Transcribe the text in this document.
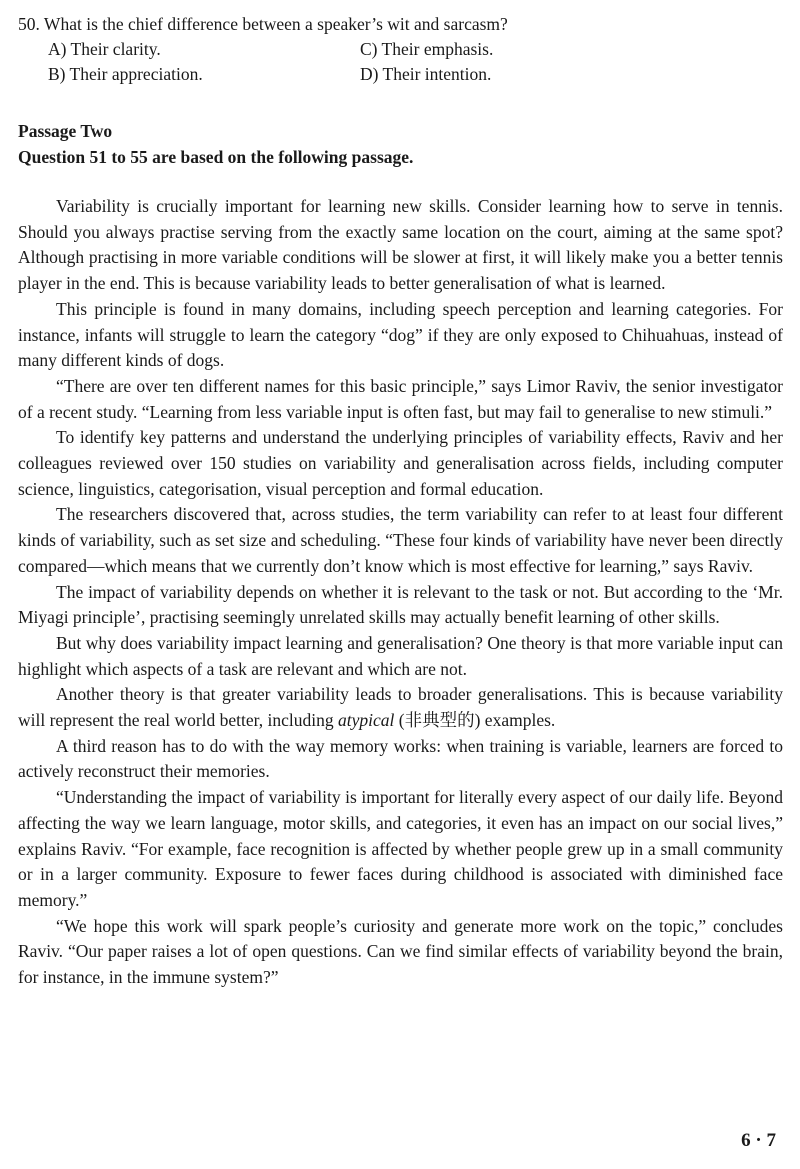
50. What is the chief difference between a speaker’s wit and sarcasm?
A) Their clarity.	C) Their emphasis.
B) Their appreciation.	D) Their intention.
Passage Two
Question 51 to 55 are based on the following passage.

Variability is crucially important for learning new skills. Consider learning how to serve in tennis. Should you always practise serving from the exactly same location on the court, aiming at the same spot? Although practising in more variable conditions will be slower at first, it will likely make you a better tennis player in the end. This is because variability leads to better generalisation of what is learned.

This principle is found in many domains, including speech perception and learning categories. For instance, infants will struggle to learn the category “dog” if they are only exposed to Chihuahuas, instead of many different kinds of dogs.

“There are over ten different names for this basic principle,” says Limor Raviv, the senior investigator of a recent study. “Learning from less variable input is often fast, but may fail to generalise to new stimuli.”

To identify key patterns and understand the underlying principles of variability effects, Raviv and her colleagues reviewed over 150 studies on variability and generalisation across fields, including computer science, linguistics, categorisation, visual perception and formal education.

The researchers discovered that, across studies, the term variability can refer to at least four different kinds of variability, such as set size and scheduling. “These four kinds of variability have never been directly compared—which means that we currently don’t know which is most effective for learning,” says Raviv.

The impact of variability depends on whether it is relevant to the task or not. But according to the ‘Mr. Miyagi principle’, practising seemingly unrelated skills may actually benefit learning of other skills.

But why does variability impact learning and generalisation? One theory is that more variable input can highlight which aspects of a task are relevant and which are not.

Another theory is that greater variability leads to broader generalisations. This is because variability will represent the real world better, including atypical (非典型的) examples.

A third reason has to do with the way memory works: when training is variable, learners are forced to actively reconstruct their memories.

“Understanding the impact of variability is important for literally every aspect of our daily life. Beyond affecting the way we learn language, motor skills, and categories, it even has an impact on our social lives,” explains Raviv. “For example, face recognition is affected by whether people grew up in a small community or in a larger community. Exposure to fewer faces during childhood is associated with diminished face memory.”

“We hope this work will spark people’s curiosity and generate more work on the topic,” concludes Raviv. “Our paper raises a lot of open questions. Can we find similar effects of variability beyond the brain, for instance, in the immune system?”

6 · 7
